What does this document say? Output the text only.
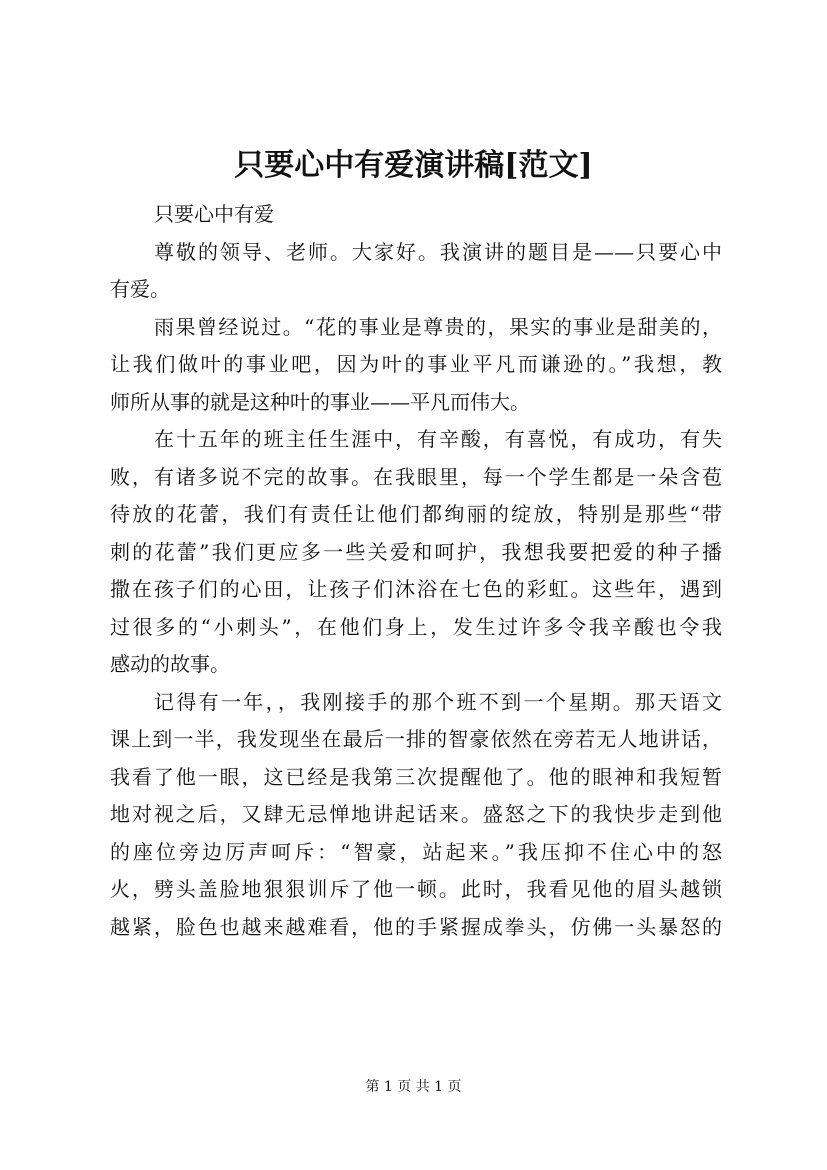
只要心中有爱演讲稿[范文]
只要心中有爱
尊敬的领导、老师。大家好。我演讲的题目是——只要心中
有爱。
雨果曾经说过。“花的事业是尊贵的，果实的事业是甜美的，
让我们做叶的事业吧，因为叶的事业平凡而谦逊的。”我想，教
师所从事的就是这种叶的事业——平凡而伟大。
在十五年的班主任生涯中，有辛酸，有喜悦，有成功，有失
败，有诸多说不完的故事。在我眼里，每一个学生都是一朵含苞
待放的花蕾，我们有责任让他们都绚丽的绽放，特别是那些“带
刺的花蕾”我们更应多一些关爱和呵护，我想我要把爱的种子播
撒在孩子们的心田，让孩子们沐浴在七色的彩虹。这些年，遇到
过很多的“小刺头”，在他们身上，发生过许多令我辛酸也令我
感动的故事。
记得有一年，，我刚接手的那个班不到一个星期。那天语文
课上到一半，我发现坐在最后一排的智豪依然在旁若无人地讲话，
我看了他一眼，这已经是我第三次提醒他了。他的眼神和我短暂
地对视之后，又肆无忌惮地讲起话来。盛怒之下的我快步走到他
的座位旁边厉声呵斥：“智豪，站起来。”我压抑不住心中的怒
火，劈头盖脸地狠狠训斥了他一顿。此时，我看见他的眉头越锁
越紧，脸色也越来越难看，他的手紧握成拳头，仿佛一头暴怒的
第 1 页 共 1 页
